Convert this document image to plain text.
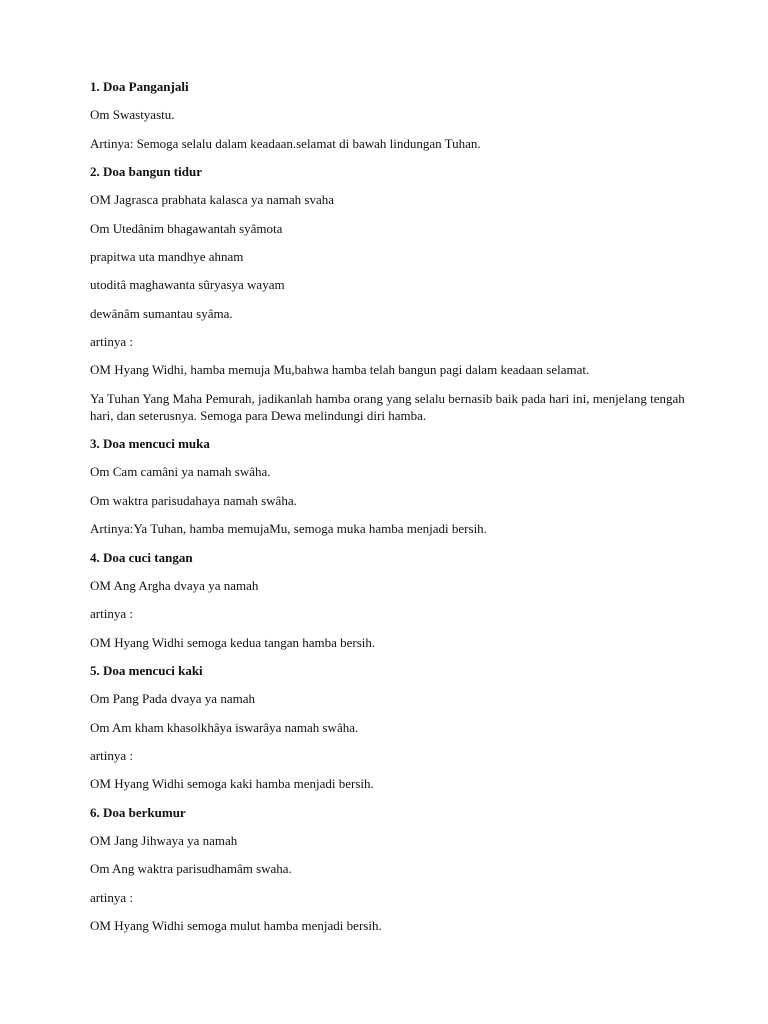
1. Doa Panganjali

Om Swastyastu.

Artinya: Semoga selalu dalam keadaan.selamat di bawah lindungan Tuhan.

2. Doa bangun tidur

OM Jagrasca prabhata kalasca ya namah svaha

Om Utedânim bhagawantah syâmota

prapitwa uta mandhye ahnam

utoditâ maghawanta sûryasya wayam

dewânâm sumantau syâma.

artinya :

OM Hyang Widhi, hamba memuja Mu,bahwa hamba telah bangun pagi dalam keadaan selamat.

Ya Tuhan Yang Maha Pemurah, jadikanlah hamba orang yang selalu bernasib baik pada hari ini, menjelang tengah hari, dan seterusnya. Semoga para Dewa melindungi diri hamba.

3. Doa mencuci muka

Om Cam camâni ya namah swâha.

Om waktra parisudahaya namah swâha.

Artinya:Ya Tuhan, hamba memujaMu, semoga muka hamba menjadi bersih.

4. Doa cuci tangan

OM Ang Argha dvaya ya namah

artinya :

OM Hyang Widhi semoga kedua tangan hamba bersih.

5. Doa mencuci kaki

Om Pang Pada dvaya ya namah

Om Am kham khasolkhâya iswarâya namah swâha.

artinya :

OM Hyang Widhi semoga kaki hamba menjadi bersih.

6. Doa berkumur

OM Jang Jihwaya ya namah

Om Ang waktra parisudhamâm swaha.

artinya :

OM Hyang Widhi semoga mulut hamba menjadi bersih.
